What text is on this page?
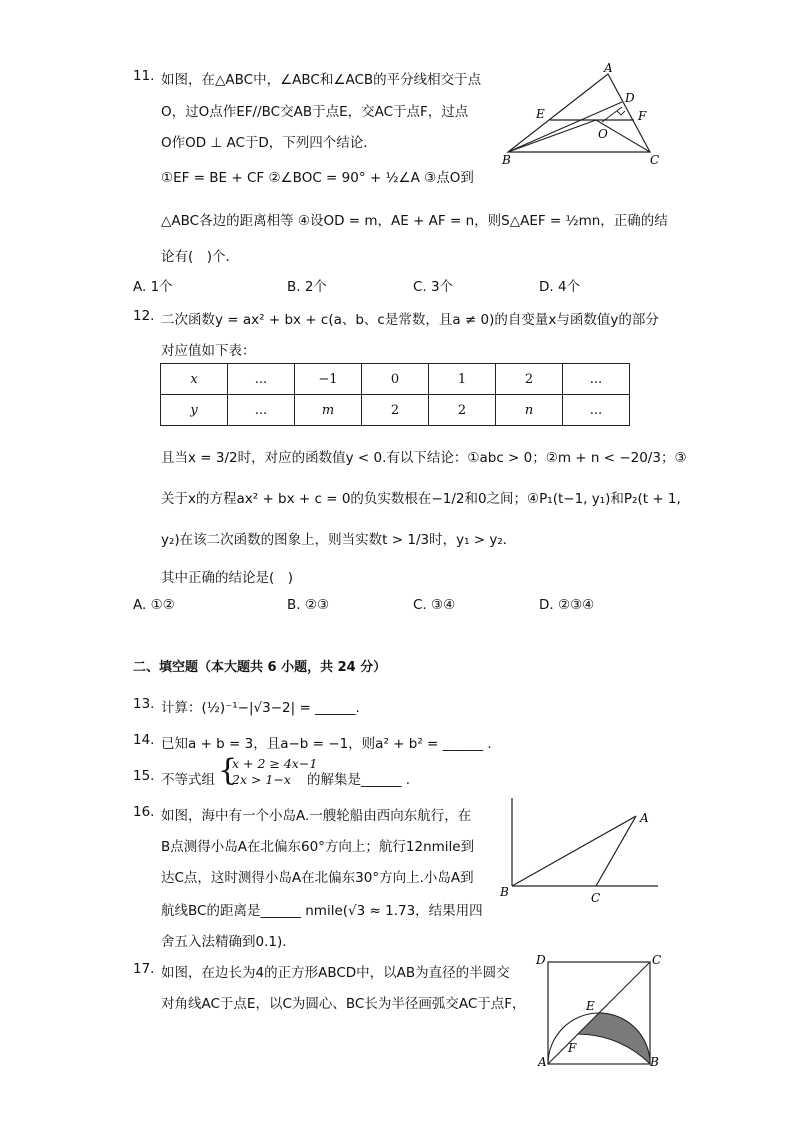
11. 如图，在△ABC中，∠ABC和∠ACB的平分线相交于点
O，过O点作EF//BC交AB于点E，交AC于点F，过点
O作OD ⊥ AC于D，下列四个结论．
①EF = BE + CF ②∠BOC = 90° + ½∠A ③点O到
△ABC各边的距离相等 ④设OD = m，AE + AF = n，则S△AEF = ½mn，正确的结
论有(　)个．
A. 1个	B. 2个	C. 3个	D. 4个
A
D
E	F
O
B	C
12. 二次函数y = ax² + bx + c(a、b、c是常数，且a ≠ 0)的自变量x与函数值y的部分
对应值如下表：
x	...	−1	0	1	2	...
y	...	m	2	2	n	...
且当x = 3/2时，对应的函数值y < 0.有以下结论：①abc > 0；②m + n < −20/3；③
关于x的方程ax² + bx + c = 0的负实数根在−1/2和0之间；④P₁(t−1, y₁)和P₂(t + 1,
y₂)在该二次函数的图象上，则当实数t > 1/3时，y₁ > y₂．
其中正确的结论是(　)
A. ①②	B. ②③	C. ③④	D. ②③④
二、填空题（本大题共 6 小题，共 24 分）
13. 计算：(½)⁻¹−|√3−2| = ______.
14. 已知a + b = 3，且a−b = −1，则a² + b² = ______ .
15. 不等式组 {
x + 2 ≥ 4x−1
2x > 1−x 的解集是______ .
16. 如图，海中有一个小岛A.一艘轮船由西向东航行，在
B点测得小岛A在北偏东60°方向上；航行12nmile到
达C点，这时测得小岛A在北偏东30°方向上.小岛A到
航线BC的距离是______ nmile(√3 ≈ 1.73，结果用四
舍五入法精确到0.1).
A
B	C
17. 如图，在边长为4的正方形ABCD中，以AB为直径的半圆交
对角线AC于点E，以C为圆心、BC长为半径画弧交AC于点F，
D	C
E
F
A	B
